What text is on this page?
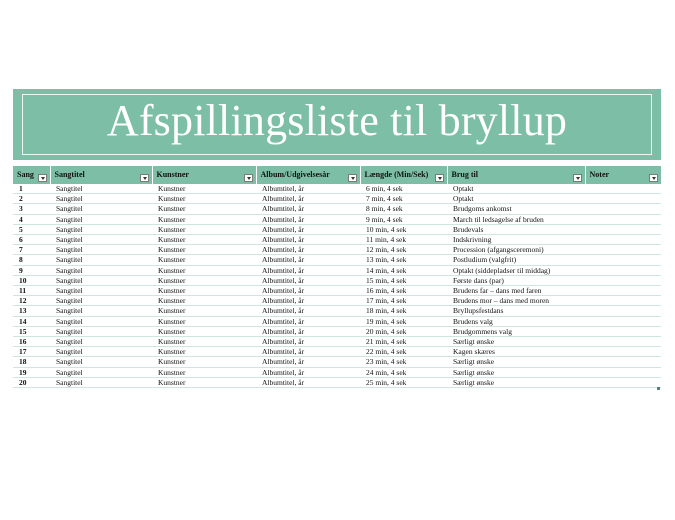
Afspillingsliste til bryllup
Sang	Sangtitel	Kunstner	Album/Udgivelsesår	Længde (Min/Sek)	Brug til	Noter

1	Sangtitel	Kunstner	Albumtitel, år	6 min, 4 sek	Optakt	
2	Sangtitel	Kunstner	Albumtitel, år	7 min, 4 sek	Optakt	
3	Sangtitel	Kunstner	Albumtitel, år	8 min, 4 sek	Brudgoms ankomst	
4	Sangtitel	Kunstner	Albumtitel, år	9 min, 4 sek	March til ledsagelse af bruden	
5	Sangtitel	Kunstner	Albumtitel, år	10 min, 4 sek	Brudevals	
6	Sangtitel	Kunstner	Albumtitel, år	11 min, 4 sek	Indskrivning	
7	Sangtitel	Kunstner	Albumtitel, år	12 min, 4 sek	Procession (afgangsceremoni)	
8	Sangtitel	Kunstner	Albumtitel, år	13 min, 4 sek	Postludium (valgfrit)	
9	Sangtitel	Kunstner	Albumtitel, år	14 min, 4 sek	Optakt (siddepladser til middag)	
10	Sangtitel	Kunstner	Albumtitel, år	15 min, 4 sek	Første dans (par)	
11	Sangtitel	Kunstner	Albumtitel, år	16 min, 4 sek	Brudens far – dans med faren	
12	Sangtitel	Kunstner	Albumtitel, år	17 min, 4 sek	Brudens mor – dans med moren	
13	Sangtitel	Kunstner	Albumtitel, år	18 min, 4 sek	Bryllupsfestdans	
14	Sangtitel	Kunstner	Albumtitel, år	19 min, 4 sek	Brudens valg	
15	Sangtitel	Kunstner	Albumtitel, år	20 min, 4 sek	Brudgommens valg	
16	Sangtitel	Kunstner	Albumtitel, år	21 min, 4 sek	Særligt ønske	
17	Sangtitel	Kunstner	Albumtitel, år	22 min, 4 sek	Kagen skæres	
18	Sangtitel	Kunstner	Albumtitel, år	23 min, 4 sek	Særligt ønske	
19	Sangtitel	Kunstner	Albumtitel, år	24 min, 4 sek	Særligt ønske	
20	Sangtitel	Kunstner	Albumtitel, år	25 min, 4 sek	Særligt ønske	
